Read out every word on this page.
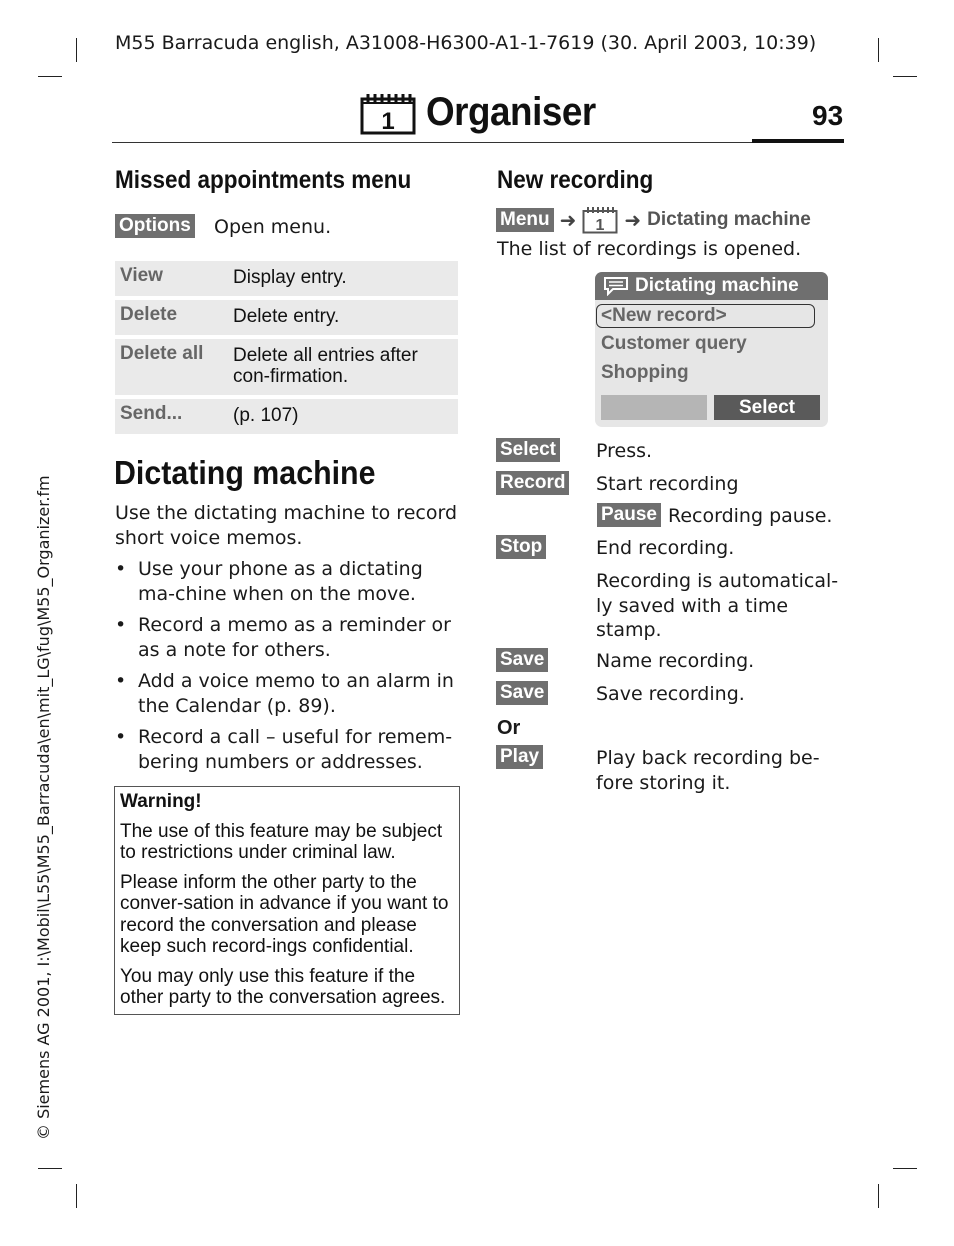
M55 Barracuda english, A31008-H6300-A1-1-7619 (30. April 2003, 10:39)
© Siemens AG 2001, I:\Mobil\L55\M55_Barracuda\en\mit_LG\fug\M55_Organizer.fm
1 Organiser	93
Missed appointments menu
Options Open menu.
View	Display entry.
Delete	Delete entry.
Delete all	Delete all entries after con-firmation.
Send...	(p. 107)
Dictating machine
Use the dictating machine to record short voice memos.
• Use your phone as a dictating ma-chine when on the move.
• Record a memo as a reminder or as a note for others.
• Add a voice memo to an alarm in the Calendar (p. 89).
• Record a call – useful for remem-bering numbers or addresses.
Warning!

The use of this feature may be subject to restrictions under criminal law.

Please inform the other party to the conver-sation in advance if you want to record the conversation and please keep such record-ings confidential.

You may only use this feature if the other party to the conversation agrees.

New recording
Menu ➜ 1 ➜ Dictating machine
The list of recordings is opened.
Dictating machine
<New record>
Customer query
Shopping
Select
Select Press.
Record Start recording
Pause Recording pause.
Stop	End recording.
Recording is automatical-ly saved with a time stamp.
Save	Name recording.
Save	Save recording.
Or
Play	Play back recording be-fore storing it.
